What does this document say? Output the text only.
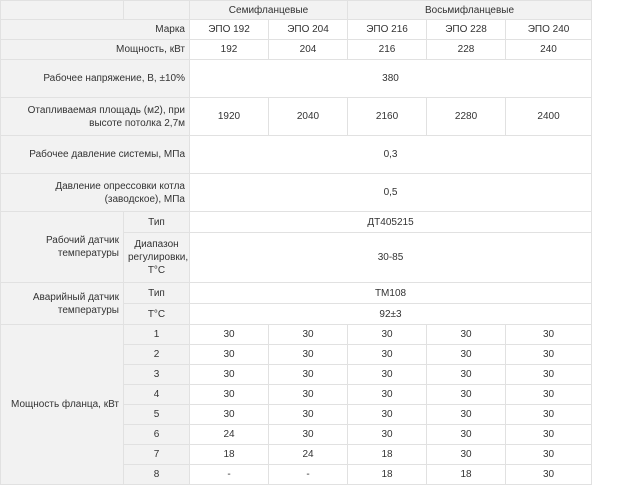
		Семифланцевые		Восьмифланцевые		
Марка		ЭПО 192	ЭПО 204	ЭПО 216	ЭПО 228	ЭПО 240
Мощность, кВт		192	204	216	228	240
Рабочее напряжение, В, ±10%		380				
Отапливаемая площадь (м2), при высоте потолка 2,7м		1920	2040	2160	2280	2400
Рабочее давление системы, МПа		0,3				
Давление опрессовки котла (заводское), МПа		0,5				
Рабочий датчик температуры	Тип	ДТ405215				
	Диапазон регулировки, T°C	30-85				
Аварийный датчик температуры	Тип	ТМ108				
	T°C	92±3				
Мощность фланца, кВт	1	30	30	30	30	30
	2	30	30	30	30	30
	3	30	30	30	30	30
	4	30	30	30	30	30
	5	30	30	30	30	30
	6	24	30	30	30	30
	7	18	24	18	30	30
	8	-	-	18	18	30
